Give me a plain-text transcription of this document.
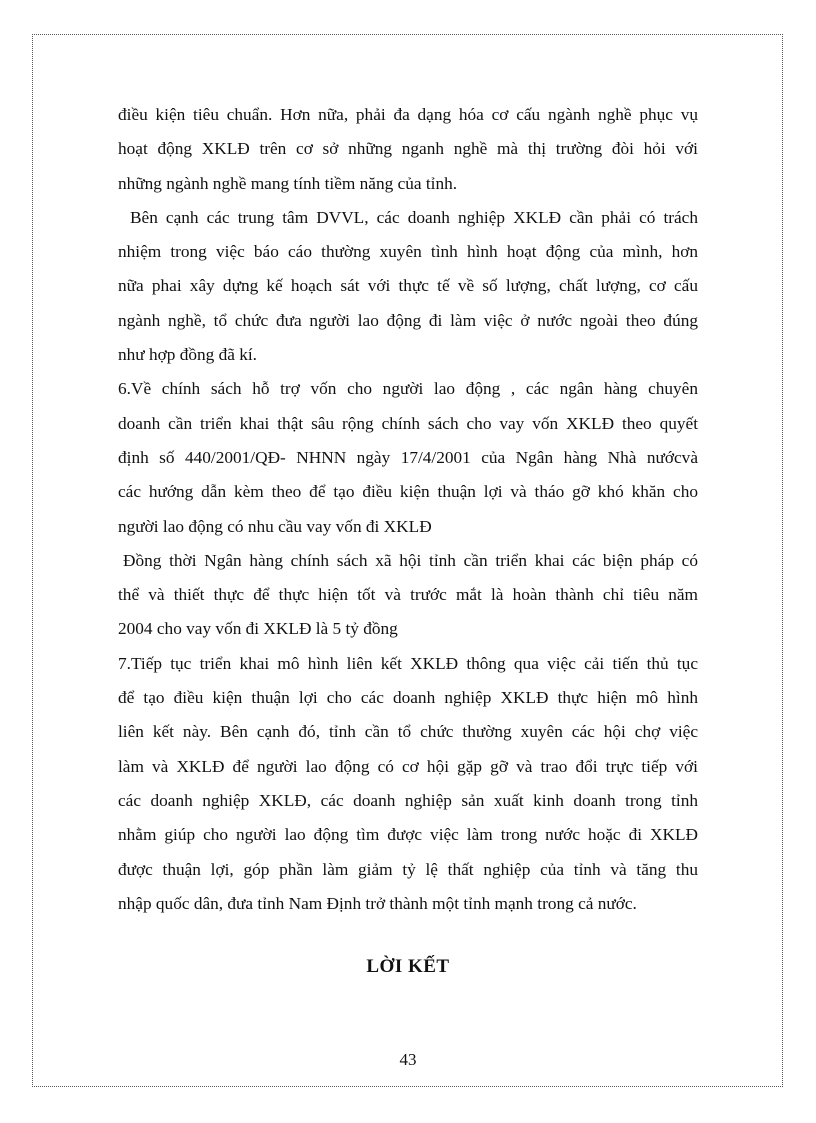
điều kiện tiêu chuẩn. Hơn nữa, phải đa dạng hóa cơ cấu ngành nghề phục vụ
hoạt động XKLĐ trên cơ sở những nganh nghề mà thị trường đòi hỏi với
những ngành nghề mang tính tiềm năng của tỉnh.
Bên cạnh các trung tâm DVVL, các doanh nghiệp XKLĐ cần phải có trách
nhiệm trong việc báo cáo thường xuyên tình hình hoạt động của mình, hơn
nữa phai xây dựng kế hoạch sát với thực tế về số lượng, chất lượng, cơ cấu
ngành nghề, tổ chức đưa người lao động đi làm việc ở nước ngoài theo đúng
như hợp đồng đã kí.
6.Về chính sách hỗ trợ vốn cho người lao động , các ngân hàng chuyên
doanh cần triển khai thật sâu rộng chính sách cho vay vốn XKLĐ theo quyết
định số 440/2001/QĐ- NHNN ngày 17/4/2001 của Ngân hàng Nhà nướcvà
các hướng dẫn kèm theo để tạo điều kiện thuận lợi và tháo gỡ khó khăn cho
người lao động có nhu cầu vay vốn đi XKLĐ
Đồng thời Ngân hàng chính sách xã hội tỉnh cần triển khai các biện pháp có
thể và thiết thực để thực hiện tốt và trước mắt là hoàn thành chỉ tiêu năm
2004 cho vay vốn đi XKLĐ là 5 tỷ đồng
7.Tiếp tục triển khai mô hình liên kết XKLĐ thông qua việc cải tiến thủ tục
để tạo điều kiện thuận lợi cho các doanh nghiệp XKLĐ thực hiện mô hình
liên kết này. Bên cạnh đó, tỉnh cần tổ chức thường xuyên các hội chợ việc
làm và XKLĐ để người lao động có cơ hội gặp gỡ và trao đổi trực tiếp với
các doanh nghiệp XKLĐ, các doanh nghiệp sản xuất kinh doanh trong tỉnh
nhằm giúp cho người lao động tìm được việc làm trong nước hoặc đi XKLĐ
được thuận lợi, góp phần làm giảm tỷ lệ thất nghiệp của tỉnh và tăng thu
nhập quốc dân, đưa tỉnh Nam Định trở thành một tỉnh mạnh trong cả nước.
LỜI KẾT
43
